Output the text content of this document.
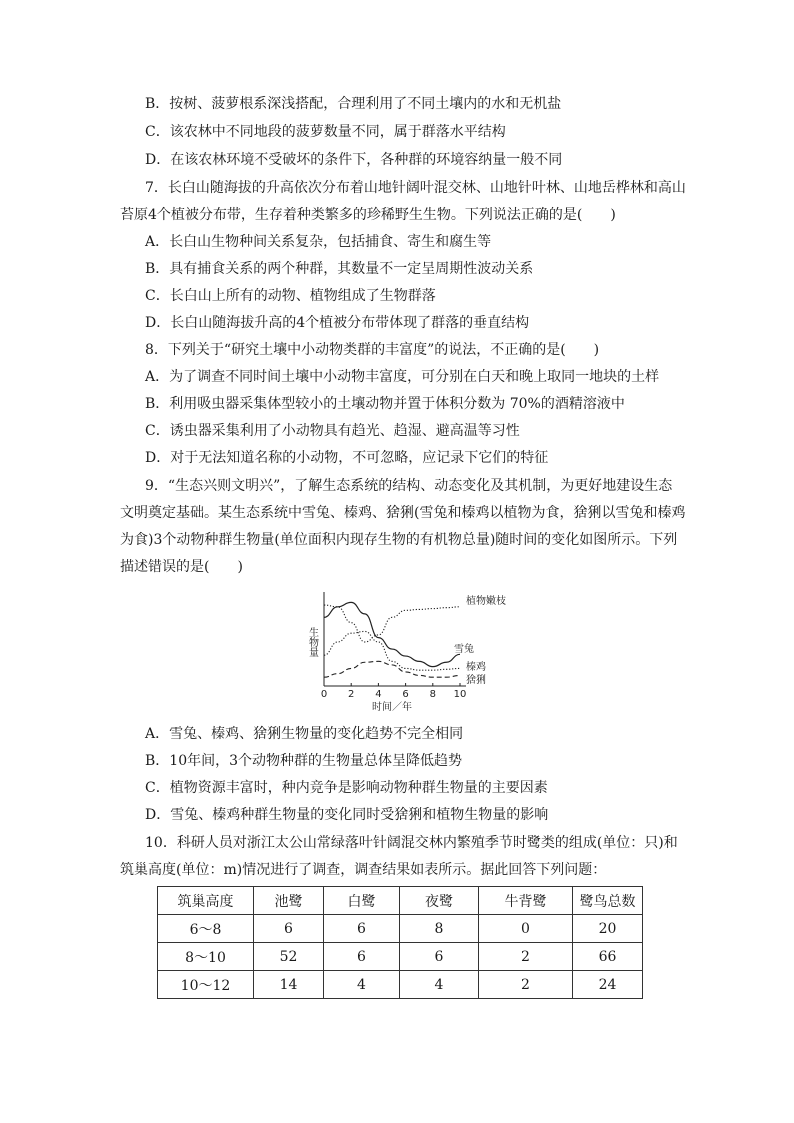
B．按树、菠萝根系深浅搭配，合理利用了不同土壤内的水和无机盐
C．该农林中不同地段的菠萝数量不同，属于群落水平结构
D．在该农林环境不受破坏的条件下，各种群的环境容纳量一般不同
7．长白山随海拔的升高依次分布着山地针阔叶混交林、山地针叶林、山地岳桦林和高山
苔原4个植被分布带，生存着种类繁多的珍稀野生生物。下列说法正确的是(　　)
A．长白山生物种间关系复杂，包括捕食、寄生和腐生等
B．具有捕食关系的两个种群，其数量不一定呈周期性波动关系
C．长白山上所有的动物、植物组成了生物群落
D．长白山随海拔升高的4个植被分布带体现了群落的垂直结构
8．下列关于“研究土壤中小动物类群的丰富度”的说法，不正确的是(　　)
A．为了调查不同时间土壤中小动物丰富度，可分别在白天和晚上取同一地块的土样
B．利用吸虫器采集体型较小的土壤动物并置于体积分数为 70%的酒精溶液中
C．诱虫器采集利用了小动物具有趋光、趋湿、避高温等习性
D．对于无法知道名称的小动物，不可忽略，应记录下它们的特征
9．“生态兴则文明兴”，了解生态系统的结构、动态变化及其机制，为更好地建设生态
文明奠定基础。某生态系统中雪兔、榛鸡、猞猁(雪兔和榛鸡以植物为食，猞猁以雪兔和榛鸡
为食)3个动物种群生物量(单位面积内现存生物的有机物总量)随时间的变化如图所示。下列
描述错误的是(　　)
0 2 4 6 8 10
时间／年
生物量
植物嫩枝
雪兔
榛鸡
猞猁
A．雪兔、榛鸡、猞猁生物量的变化趋势不完全相同
B．10年间，3个动物种群的生物量总体呈降低趋势
C．植物资源丰富时，种内竞争是影响动物种群生物量的主要因素
D．雪兔、榛鸡种群生物量的变化同时受猞猁和植物生物量的影响
10．科研人员对浙江太公山常绿落叶针阔混交林内繁殖季节时鹭类的组成(单位：只)和
筑巢高度(单位：m)情况进行了调查，调查结果如表所示。据此回答下列问题：
筑巢高度	池鹭	白鹭	夜鹭	牛背鹭	鹭鸟总数
6～8	6	6	8	0	20
8～10	52	6	6	2	66
10～12	14	4	4	2	24
